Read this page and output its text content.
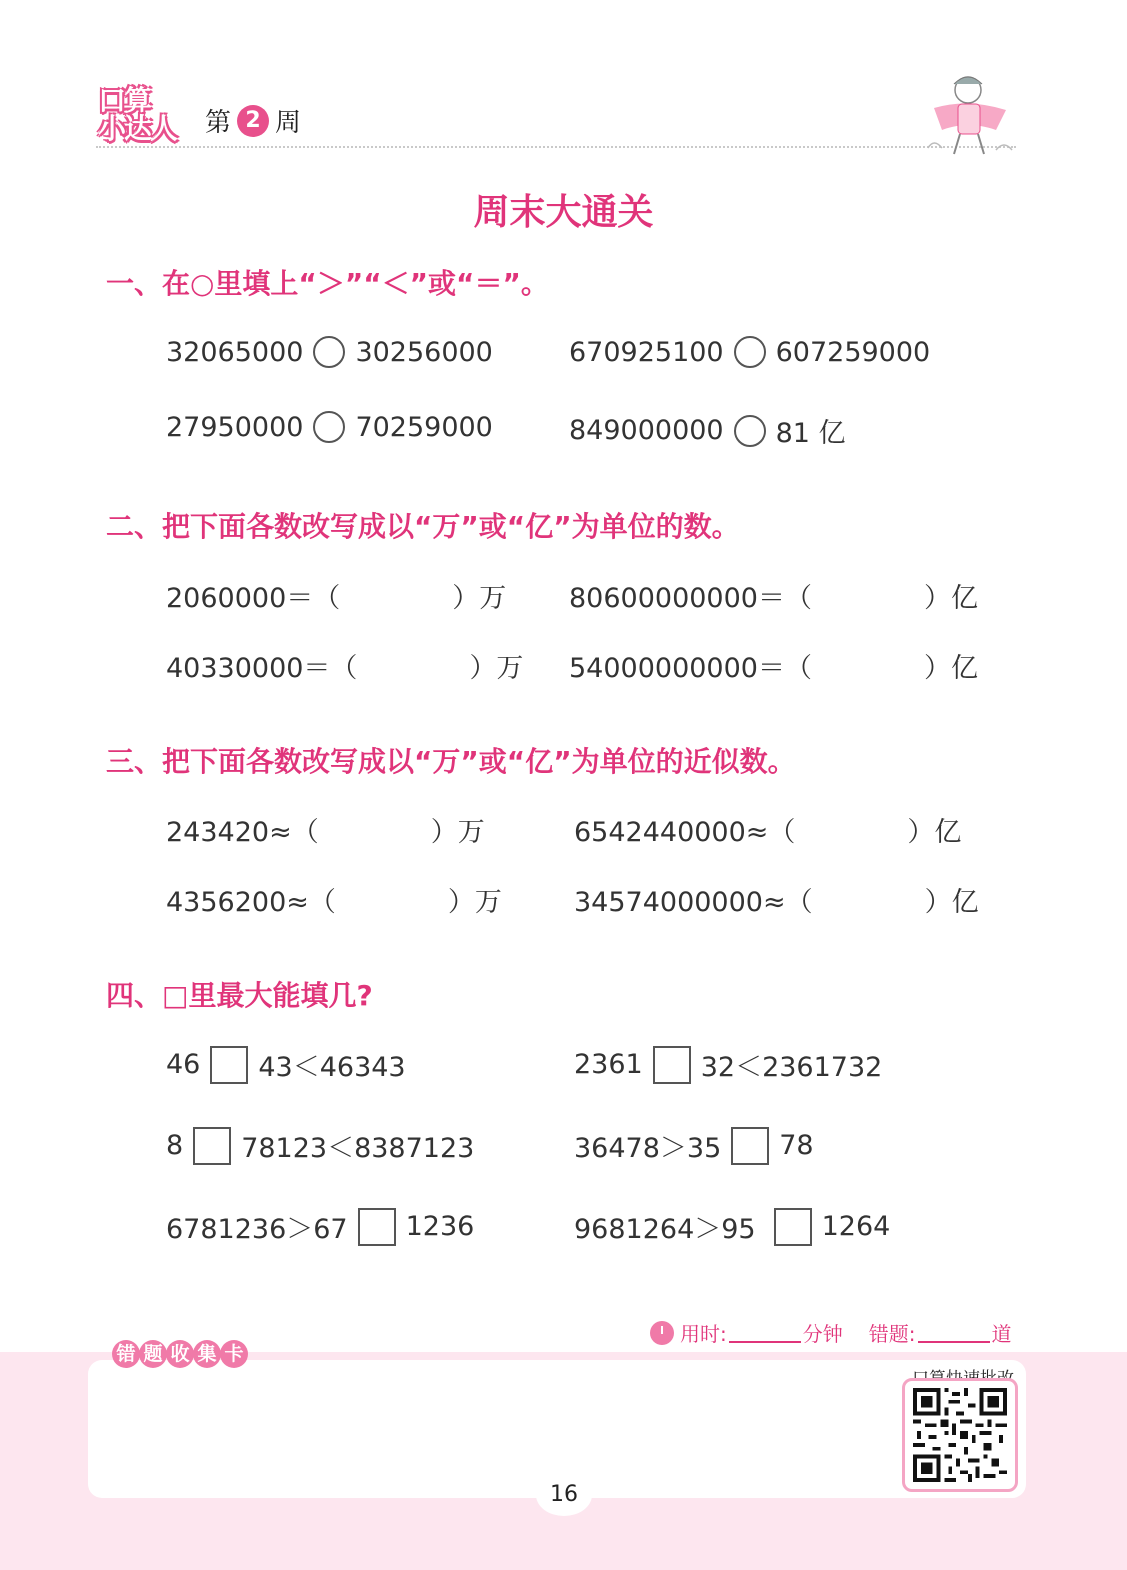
口算
小达人 第 2 周
周末大通关
一、在○里填上“＞”“＜”或“＝”。
32065000 30256000	670925100 607259000
27950000 70259000	849000000 81 亿
二、把下面各数改写成以“万”或“亿”为单位的数。
2060000＝（	）万 80600000000＝（	）亿
40330000＝（	）万 54000000000＝（	）亿
三、把下面各数改写成以“万”或“亿”为单位的近似数。
243420≈（	）万	6542440000≈（	）亿
4356200≈（	）万	34574000000≈（	）亿
四、□里最大能填几?
46 43＜46343	2361 32＜2361732
8 78123＜8387123	36478＞35 78
6781236＞67 1236	9681264＞95 1264
错 题 收 集 卡
用时:	分钟 错题:	道
16
